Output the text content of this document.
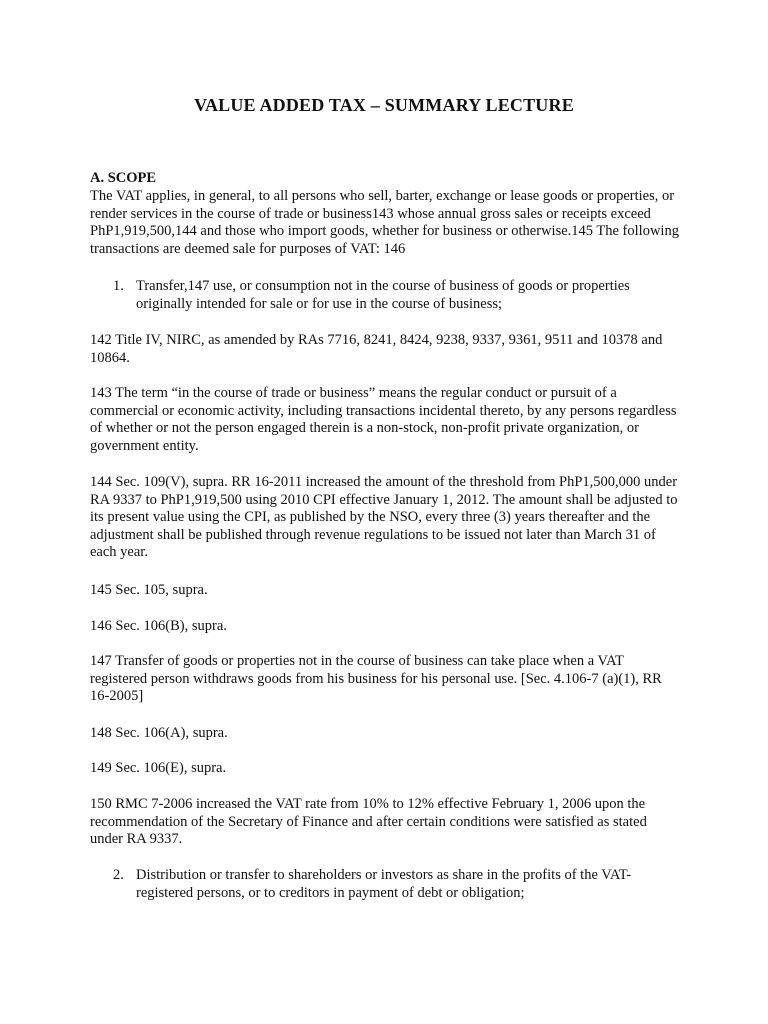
VALUE ADDED TAX – SUMMARY LECTURE
A. SCOPE
The VAT applies, in general, to all persons who sell, barter, exchange or lease goods or properties, or render services in the course of trade or business143 whose annual gross sales or receipts exceed PhP1,919,500,144 and those who import goods, whether for business or otherwise.145 The following transactions are deemed sale for purposes of VAT: 146
1. Transfer,147 use, or consumption not in the course of business of goods or properties originally intended for sale or for use in the course of business;
142 Title IV, NIRC, as amended by RAs 7716, 8241, 8424, 9238, 9337, 9361, 9511 and 10378 and 10864.
143 The term “in the course of trade or business” means the regular conduct or pursuit of a commercial or economic activity, including transactions incidental thereto, by any persons regardless of whether or not the person engaged therein is a non-stock, non-profit private organization, or government entity.
144 Sec. 109(V), supra. RR 16-2011 increased the amount of the threshold from PhP1,500,000 under RA 9337 to PhP1,919,500 using 2010 CPI effective January 1, 2012. The amount shall be adjusted to its present value using the CPI, as published by the NSO, every three (3) years thereafter and the adjustment shall be published through revenue regulations to be issued not later than March 31 of each year.
145 Sec. 105, supra.
146 Sec. 106(B), supra.
147 Transfer of goods or properties not in the course of business can take place when a VAT registered person withdraws goods from his business for his personal use. [Sec. 4.106-7 (a)(1), RR 16-2005]
148 Sec. 106(A), supra.
149 Sec. 106(E), supra.
150 RMC 7-2006 increased the VAT rate from 10% to 12% effective February 1, 2006 upon the recommendation of the Secretary of Finance and after certain conditions were satisfied as stated under RA 9337.
2. Distribution or transfer to shareholders or investors as share in the profits of the VAT-registered persons, or to creditors in payment of debt or obligation;
